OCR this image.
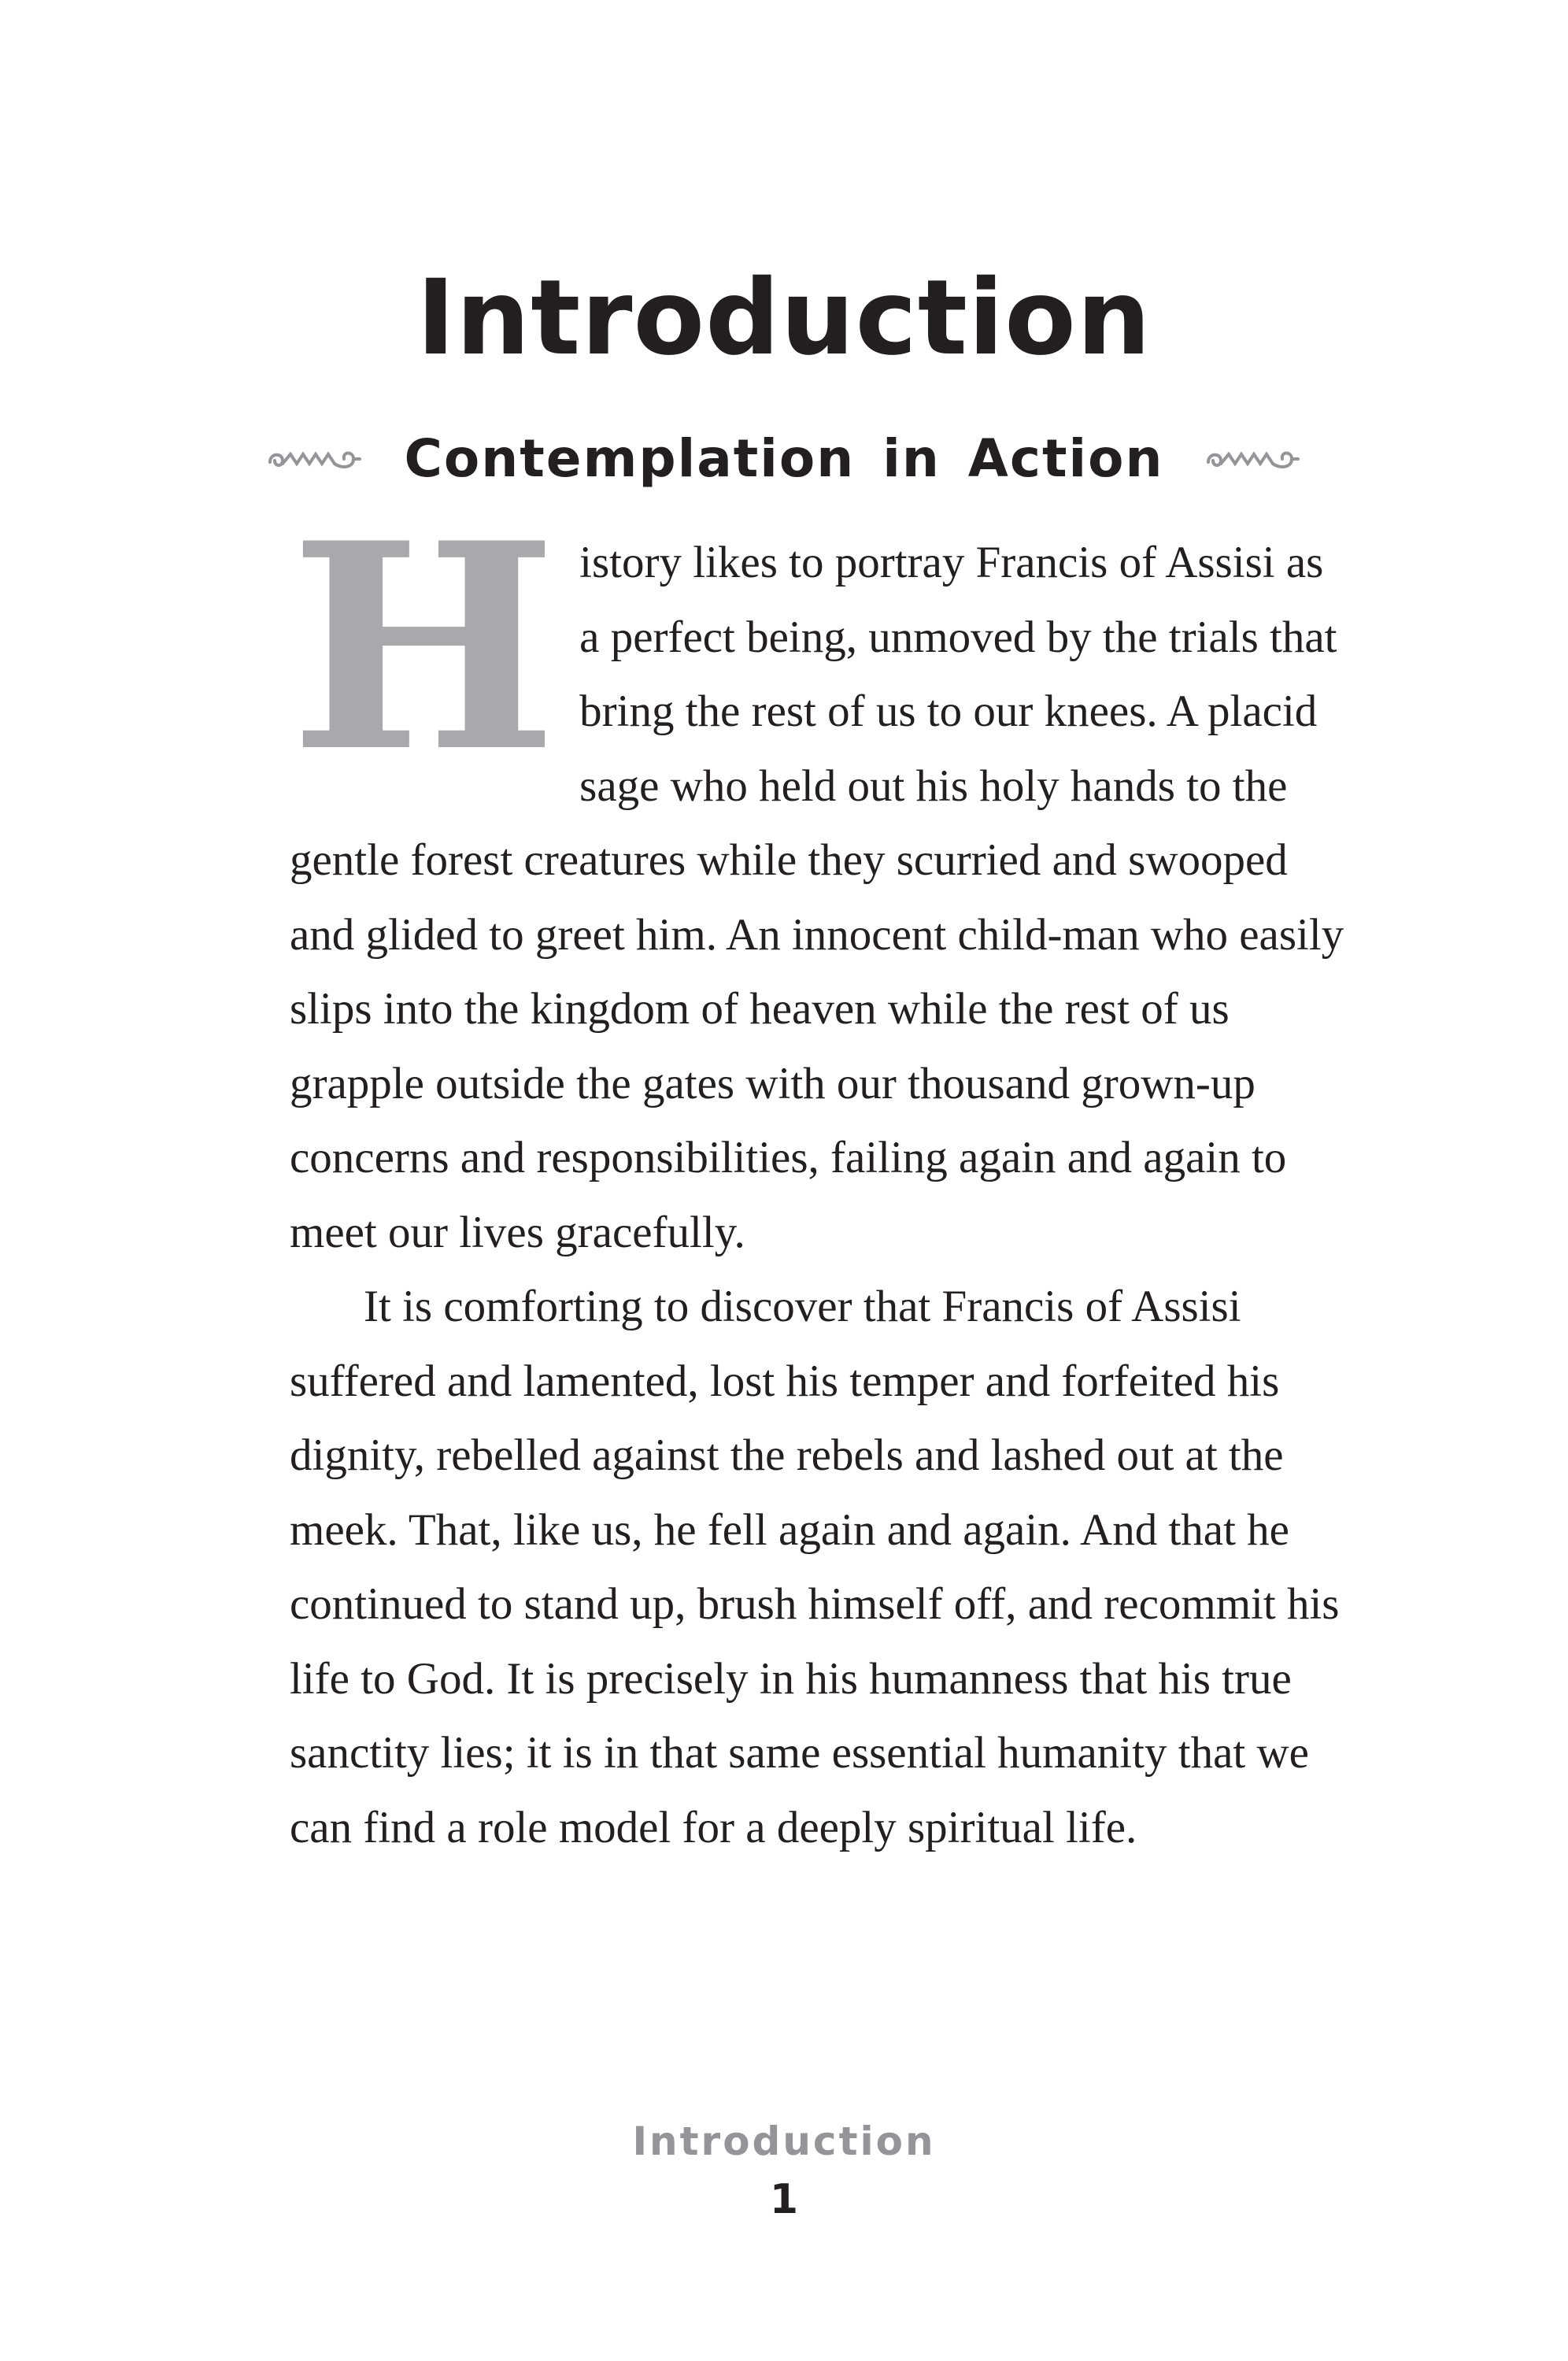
Introduction
Contemplation in Action

History likes to portray Francis of Assisi as a perfect being, unmoved by the trials that bring the rest of us to our knees. A placid sage who held out his holy hands to the gentle forest creatures while they scurried and swooped and glided to greet him. An innocent child-man who easily slips into the kingdom of heaven while the rest of us grapple outside the gates with our thousand grown-up concerns and responsibilities, failing again and again to meet our lives gracefully.

It is comforting to discover that Francis of Assisi suffered and lamented, lost his temper and forfeited his dignity, rebelled against the rebels and lashed out at the meek. That, like us, he fell again and again. And that he continued to stand up, brush himself off, and recommit his life to God. It is precisely in his humanness that his true sanctity lies; it is in that same essential humanity that we can find a role model for a deeply spiritual life.

Introduction
1
